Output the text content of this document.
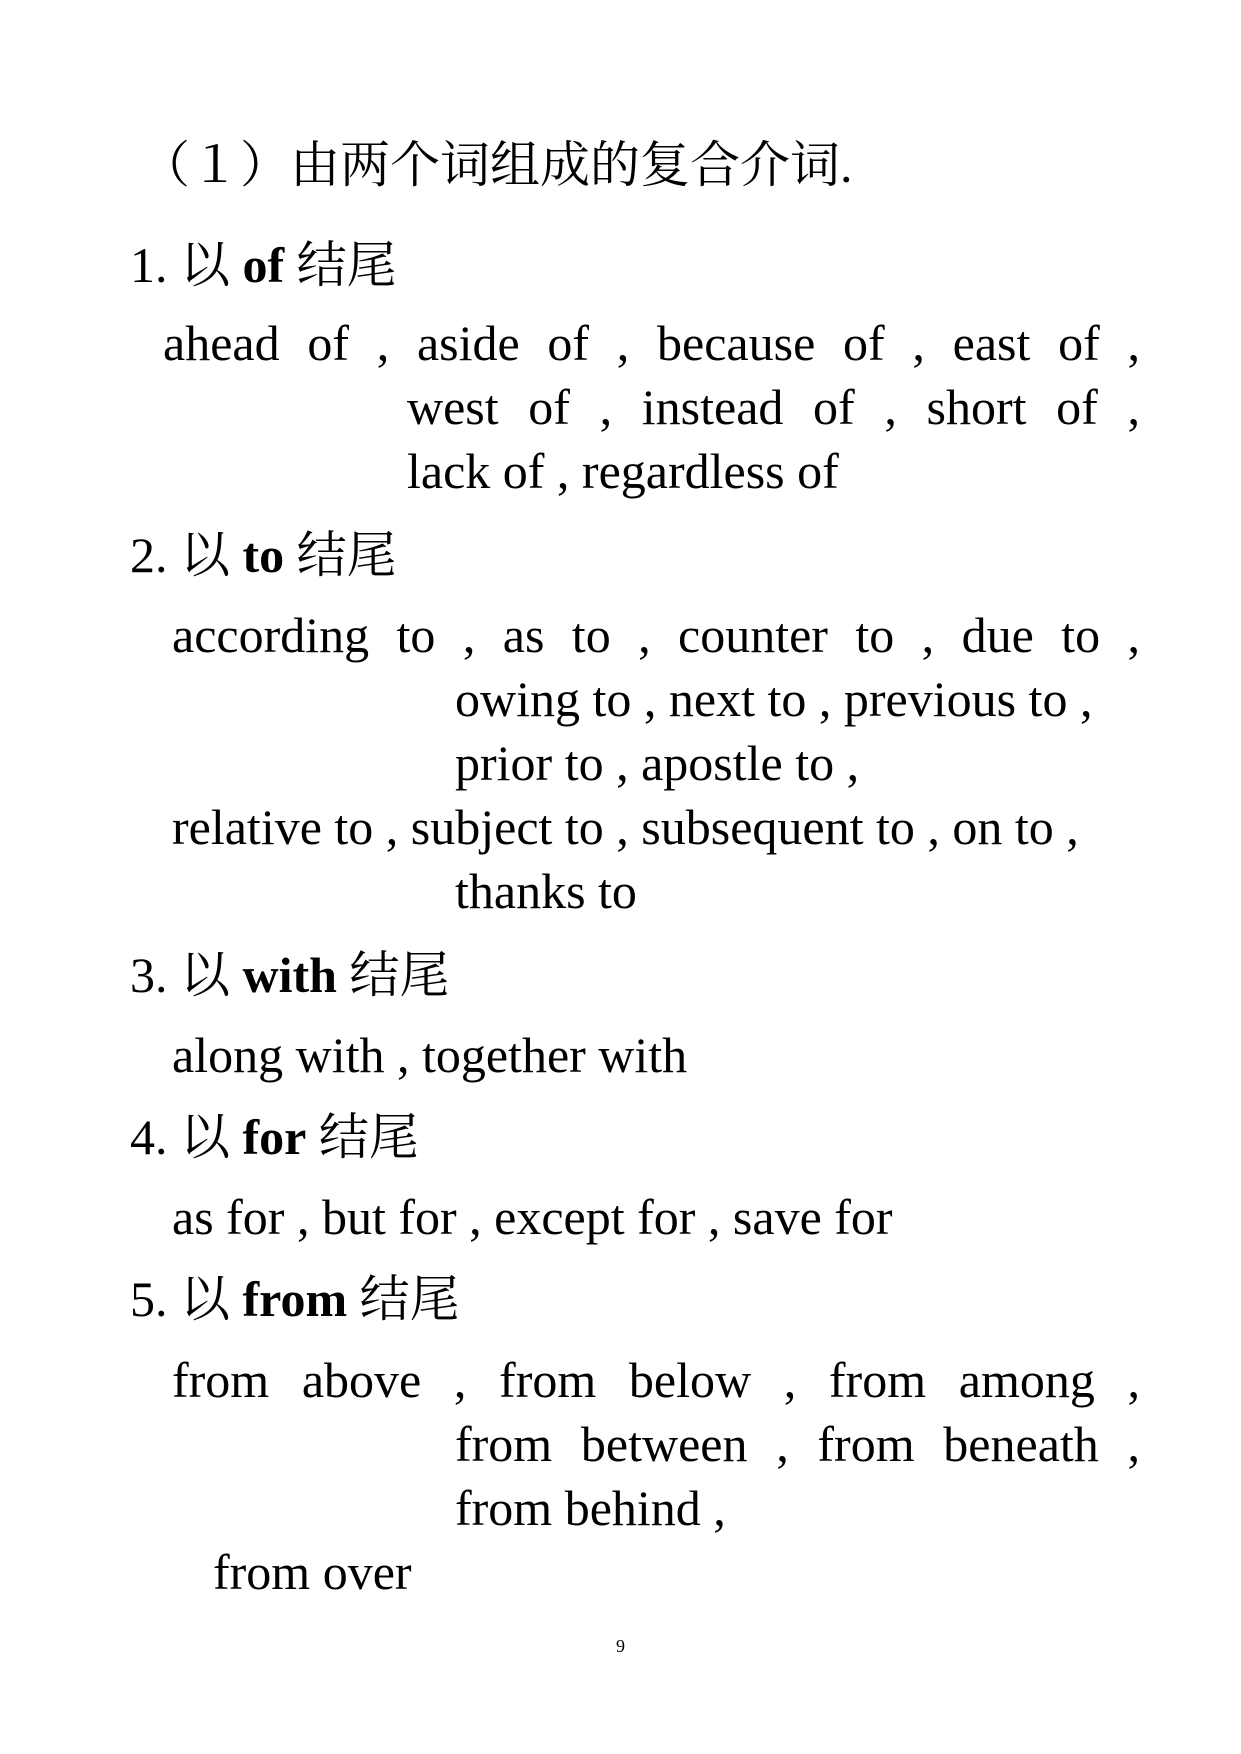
（１）由两个词组成的复合介词.
1. 以 of 结尾
ahead of , aside of , because of , east of ,
west of , instead of , short of ,
lack of , regardless of
2. 以 to 结尾
according to , as to , counter to , due to ,
owing to , next to , previous to ,
prior to , apostle to ,
relative to , subject to , subsequent to , on to ,
thanks to
3. 以 with 结尾
along with , together with
4. 以 for 结尾
as for , but for , except for , save for
5. 以 from 结尾
from above , from below , from among ,
from between , from beneath ,
from behind ,
from over
9
